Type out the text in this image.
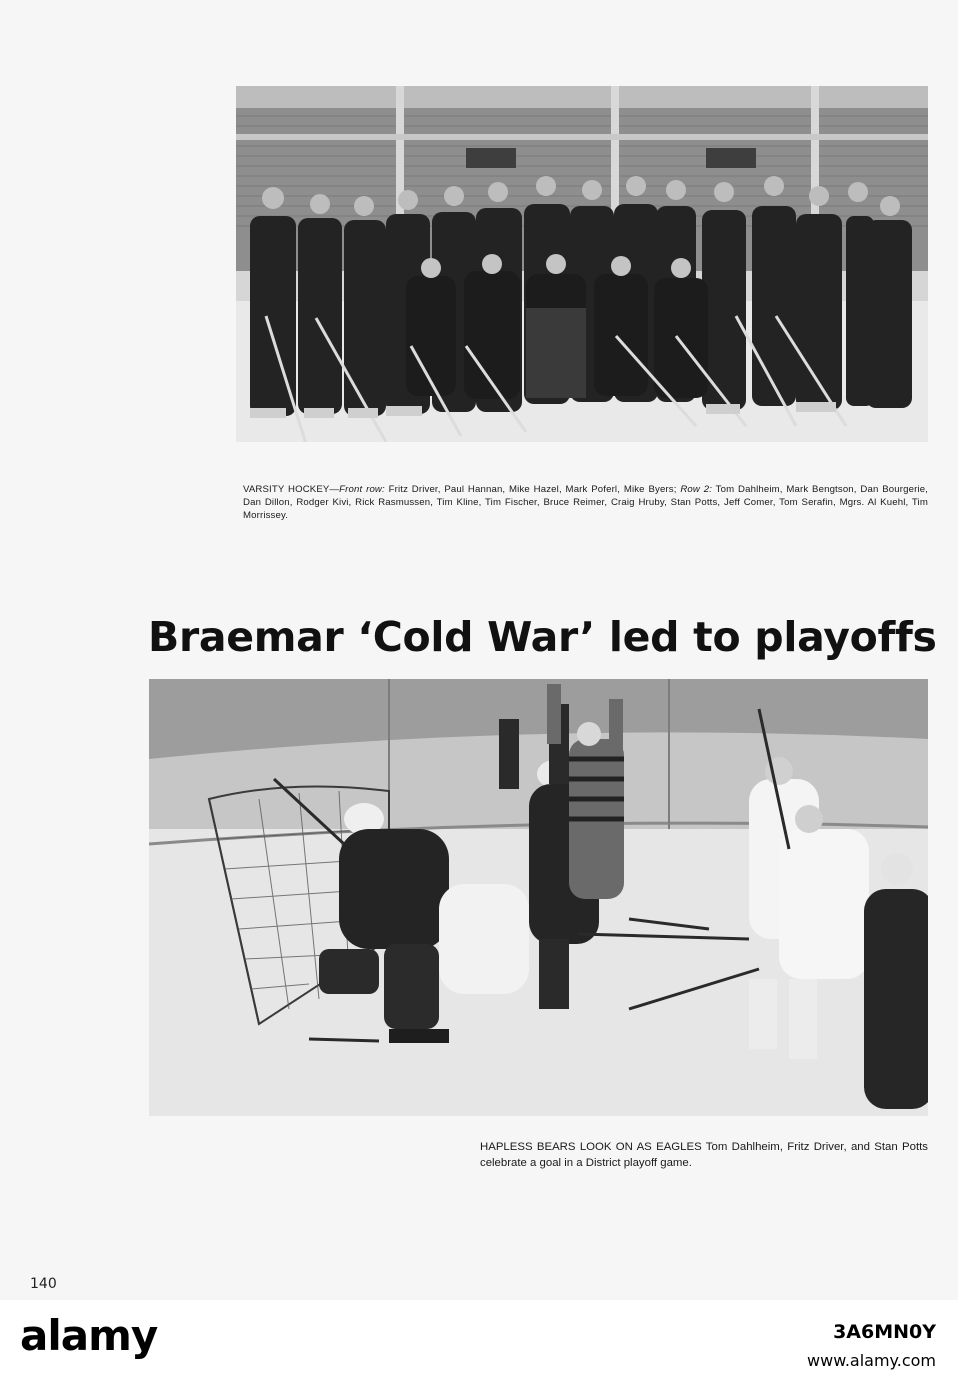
VARSITY HOCKEY—Front row: Fritz Driver, Paul Hannan, Mike Hazel, Mark Poferl, Mike Byers; Row 2: Tom Dahlheim, Mark Bengtson, Dan Bourgerie, Dan Dillon, Rodger Kivi, Rick Rasmussen, Tim Kline, Tim Fischer, Bruce Reimer, Craig Hruby, Stan Potts, Jeff Comer, Tom Serafin, Mgrs. Al Kuehl, Tim Morrissey.
Braemar ‘Cold War’ led to playoffs
HAPLESS BEARS LOOK ON AS EAGLES Tom Dahlheim, Fritz Driver, and Stan Potts celebrate a goal in a District playoff game.
140
alamy	3A6MN0Y
www.alamy.com
